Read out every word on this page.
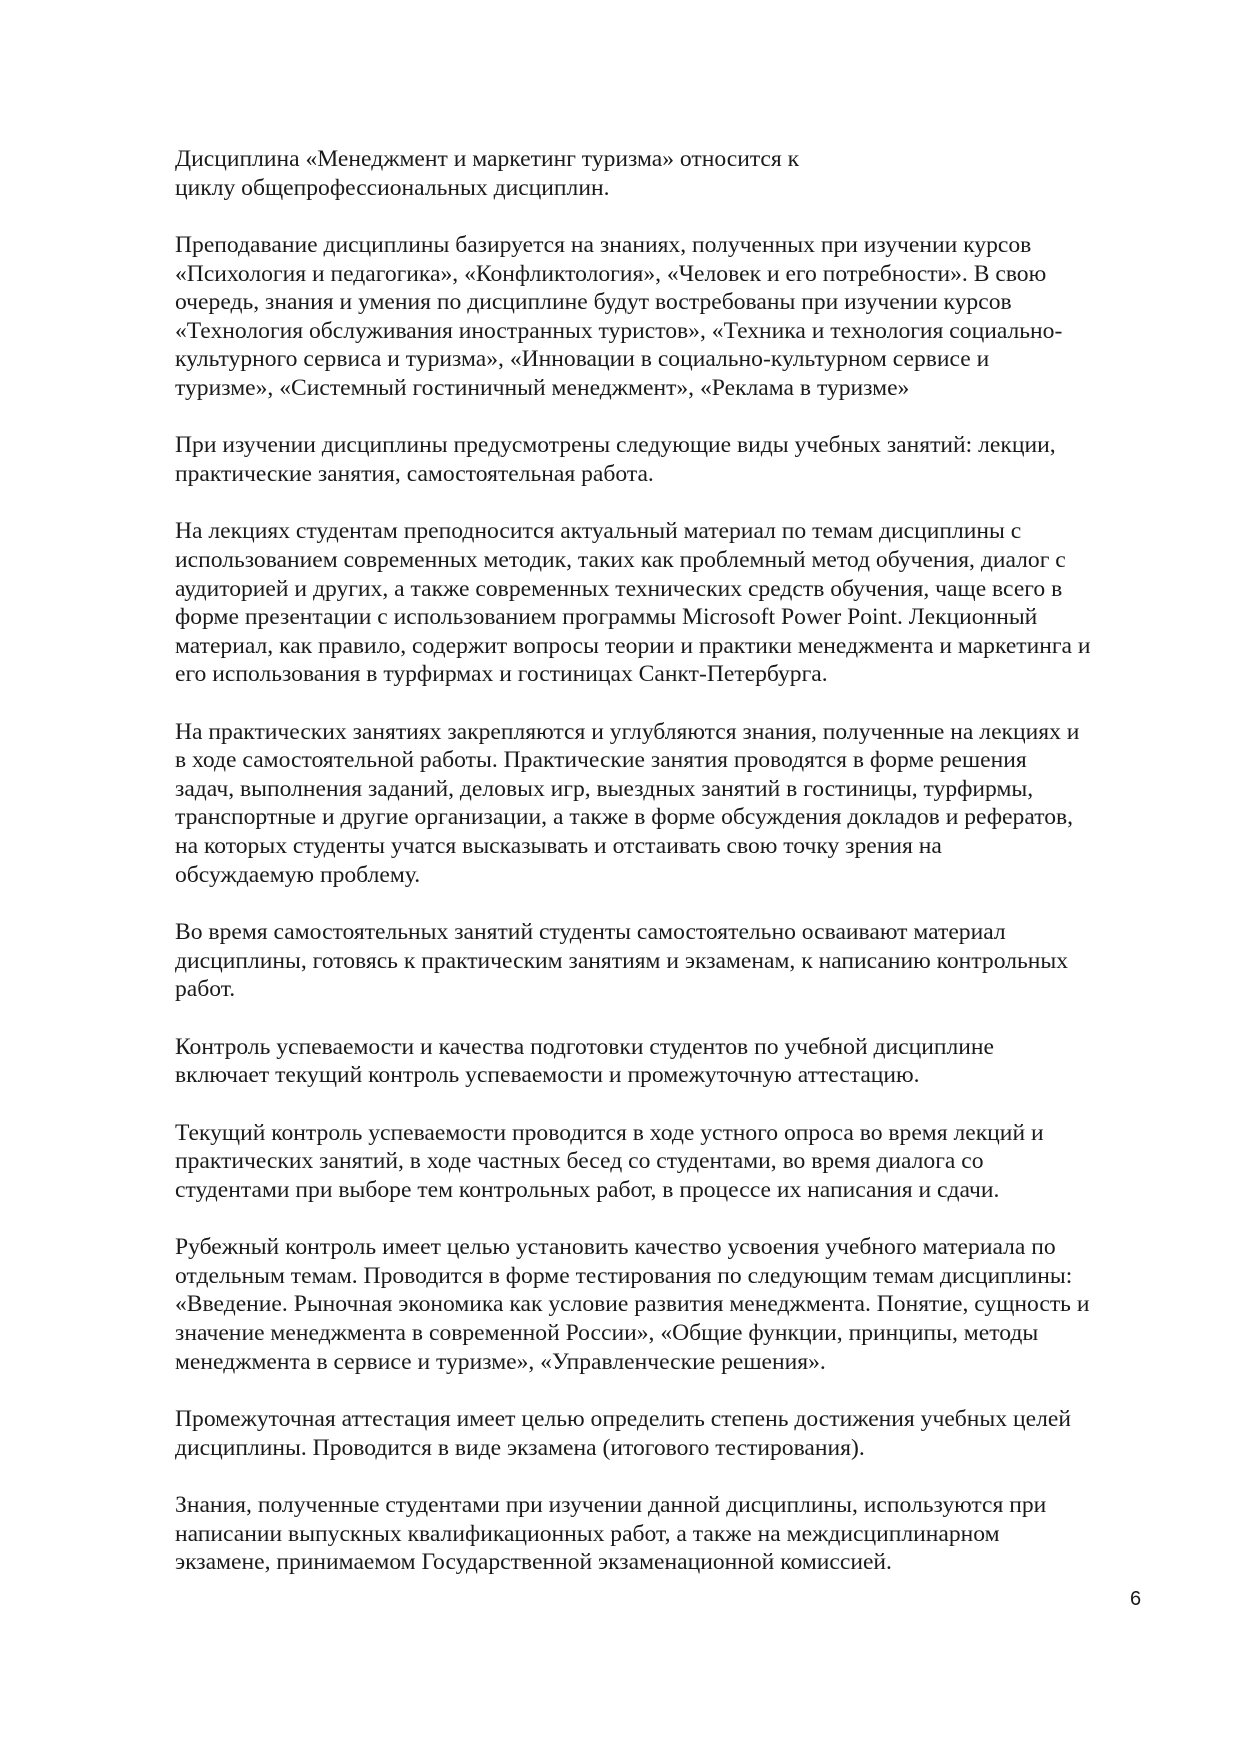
Дисциплина «Менеджмент и маркетинг туризма» относится к
циклу общепрофессиональных дисциплин.

Преподавание дисциплины базируется на знаниях, полученных при изучении курсов
«Психология и педагогика», «Конфликтология», «Человек и его потребности». В свою
очередь, знания и умения по дисциплине будут востребованы при изучении курсов
«Технология обслуживания иностранных туристов», «Техника и технология социально-
культурного сервиса и туризма», «Инновации в социально-культурном сервисе и
туризме», «Системный гостиничный менеджмент», «Реклама в туризме»

При изучении дисциплины предусмотрены следующие виды учебных занятий: лекции,
практические занятия, самостоятельная работа.

На лекциях студентам преподносится актуальный материал по темам дисциплины с
использованием современных методик, таких как проблемный метод обучения, диалог с
аудиторией и других, а также современных технических средств обучения, чаще всего в
форме презентации с использованием программы Microsoft Power Point. Лекционный
материал, как правило, содержит вопросы теории и практики менеджмента и маркетинга и
его использования в турфирмах и гостиницах Санкт-Петербурга.

На практических занятиях закрепляются и углубляются знания, полученные на лекциях и
в ходе самостоятельной работы. Практические занятия проводятся в форме решения
задач, выполнения заданий, деловых игр, выездных занятий в гостиницы, турфирмы,
транспортные и другие организации, а также в форме обсуждения докладов и рефератов,
на которых студенты учатся высказывать и отстаивать свою точку зрения на
обсуждаемую проблему.

Во время самостоятельных занятий студенты самостоятельно осваивают материал
дисциплины, готовясь к практическим занятиям и экзаменам, к написанию контрольных
работ.

Контроль успеваемости и качества подготовки студентов по учебной дисциплине
включает текущий контроль успеваемости и промежуточную аттестацию.

Текущий контроль успеваемости проводится в ходе устного опроса во время лекций и
практических занятий, в ходе частных бесед со студентами, во время диалога со
студентами при выборе тем контрольных работ, в процессе их написания и сдачи.

Рубежный контроль имеет целью установить качество усвоения учебного материала по
отдельным темам. Проводится в форме тестирования по следующим темам дисциплины:
«Введение. Рыночная экономика как условие развития менеджмента. Понятие, сущность и
значение менеджмента в современной России», «Общие функции, принципы, методы
менеджмента в сервисе и туризме», «Управленческие решения».

Промежуточная аттестация имеет целью определить степень достижения учебных целей
дисциплины. Проводится в виде экзамена (итогового тестирования).

Знания, полученные студентами при изучении данной дисциплины, используются при
написании выпускных квалификационных работ, а также на междисциплинарном
экзамене, принимаемом Государственной экзаменационной комиссией.

6
